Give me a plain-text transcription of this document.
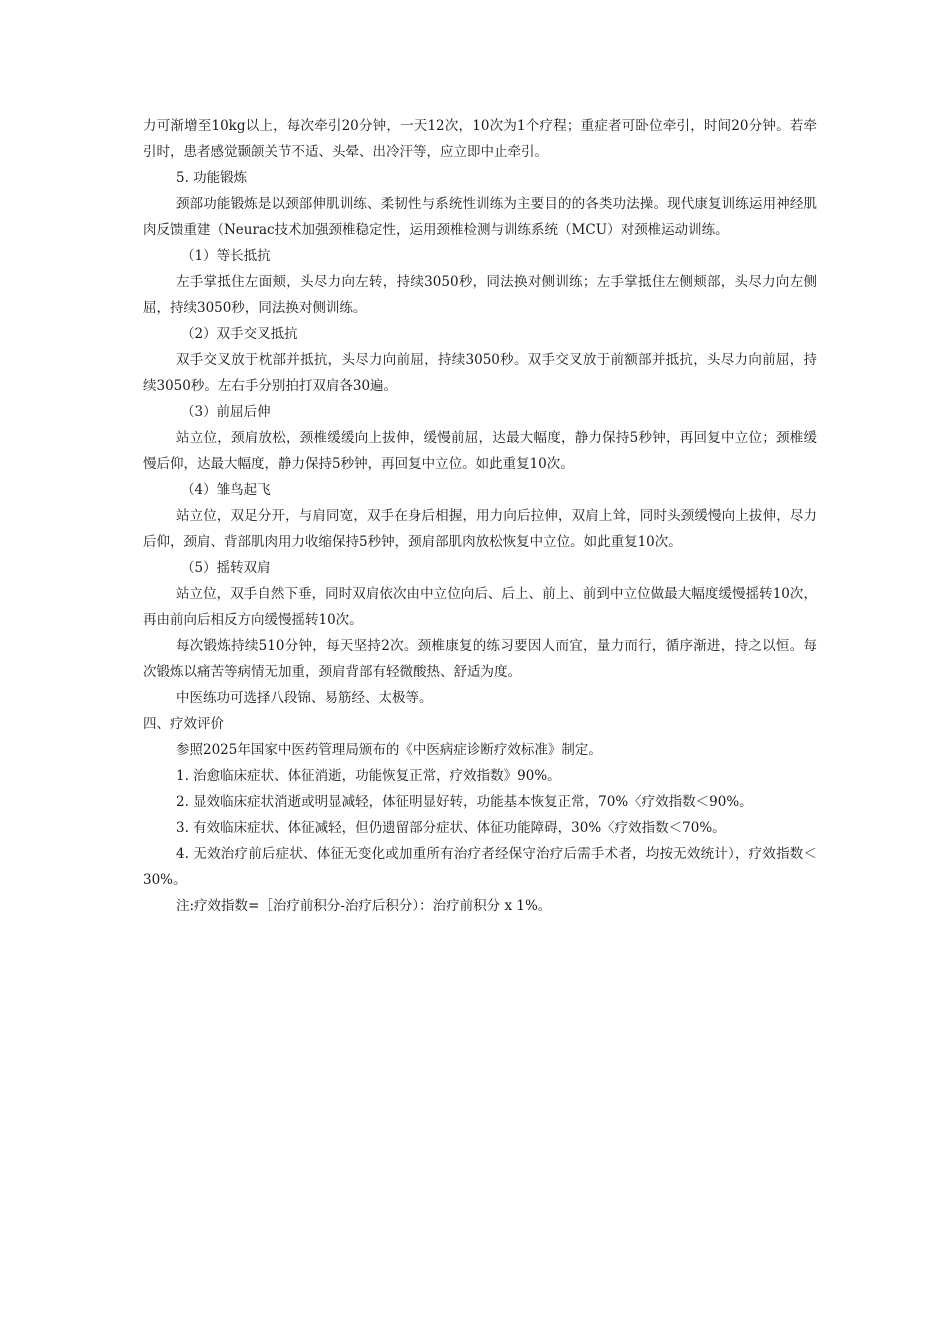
力可渐增至10kg以上，每次牵引20分钟，一天12次，10次为1个疗程；重症者可卧位牵引，时间20分钟。若牵引时，患者感觉颞颌关节不适、头晕、出冷汗等，应立即中止牵引。

5. 功能锻炼

颈部功能锻炼是以颈部伸肌训练、柔韧性与系统性训练为主要目的的各类功法操。现代康复训练运用神经肌肉反馈重建（Neurac技术加强颈椎稳定性，运用颈椎检测与训练系统（MCU）对颈椎运动训练。

（1）等长抵抗

左手掌抵住左面颊，头尽力向左转，持续3050秒，同法换对侧训练；左手掌抵住左侧颊部，头尽力向左侧屈，持续3050秒，同法换对侧训练。

（2）双手交叉抵抗

双手交叉放于枕部并抵抗，头尽力向前屈，持续3050秒。双手交叉放于前额部并抵抗，头尽力向前屈，持续3050秒。左右手分别拍打双肩各30遍。

（3）前屈后伸

站立位，颈肩放松，颈椎缓缓向上拔伸，缓慢前屈，达最大幅度，静力保持5秒钟，再回复中立位；颈椎缓慢后仰，达最大幅度，静力保持5秒钟，再回复中立位。如此重复10次。

（4）雏鸟起飞

站立位，双足分开，与肩同宽，双手在身后相握，用力向后拉伸，双肩上耸，同时头颈缓慢向上拔伸，尽力后仰，颈肩、背部肌肉用力收缩保持5秒钟，颈肩部肌肉放松恢复中立位。如此重复10次。

（5）摇转双肩

站立位，双手自然下垂，同时双肩依次由中立位向后、后上、前上、前到中立位做最大幅度缓慢摇转10次，再由前向后相反方向缓慢摇转10次。

每次锻炼持续510分钟，每天坚持2次。颈椎康复的练习要因人而宜，量力而行，循序渐进，持之以恒。每次锻炼以痛苦等病情无加重，颈肩背部有轻微酸热、舒适为度。

中医练功可选择八段锦、易筋经、太极等。

四、疗效评价

参照2025年国家中医药管理局颁布的《中医病症诊断疗效标准》制定。

1. 治愈临床症状、体征消逝，功能恢复正常，疗效指数》90%。

2. 显效临床症状消逝或明显减轻，体征明显好转，功能基本恢复正常，70%〈疗效指数＜90%。

3. 有效临床症状、体征减轻，但仍遗留部分症状、体征功能障碍，30%〈疗效指数＜70%。

4. 无效治疗前后症状、体征无变化或加重所有治疗者经保守治疗后需手术者，均按无效统计），疗效指数＜30%。

注:疗效指数=［治疗前积分-治疗后积分）：治疗前积分 x 1%。
